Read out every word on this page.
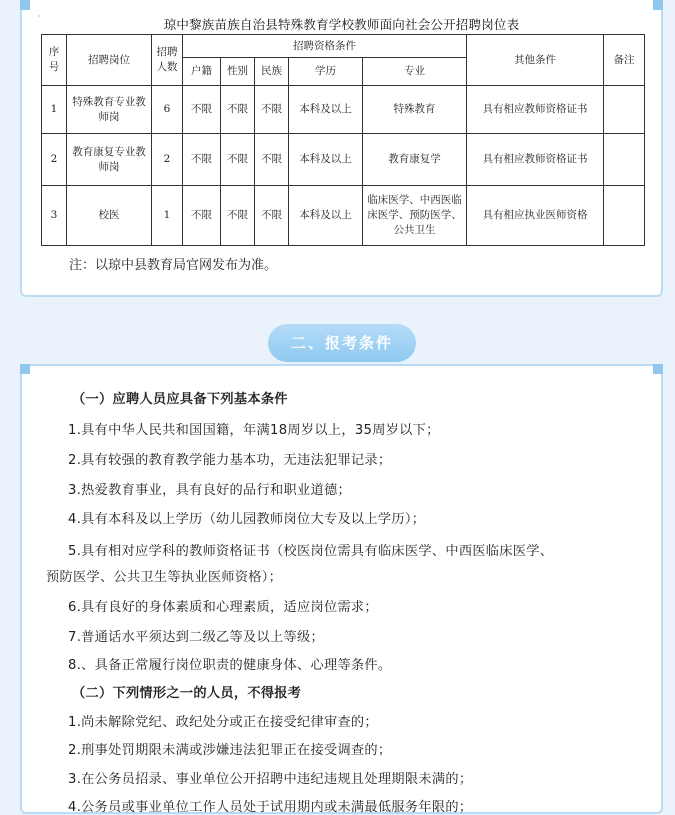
·
琼中黎族苗族自治县特殊教育学校教师面向社会公开招聘岗位表
序号	招聘岗位	招聘人数	招聘资格条件					其他条件	备注
			户籍	性别	民族	学历	专业		
1	特殊教育专业教师岗	6	不限	不限	不限	本科及以上	特殊教育	具有相应教师资格证书	
2	教育康复专业教师岗	2	不限	不限	不限	本科及以上	教育康复学	具有相应教师资格证书	
3	校医	1	不限	不限	不限	本科及以上	临床医学、中西医临床医学、预防医学、公共卫生	具有相应执业医师资格	
注：以琼中县教育局官网发布为准。
二、报考条件
（一）应聘人员应具备下列基本条件
1.具有中华人民共和国国籍，年满18周岁以上，35周岁以下；
2.具有较强的教育教学能力基本功，无违法犯罪记录；
3.热爱教育事业，具有良好的品行和职业道德；
4.具有本科及以上学历（幼儿园教师岗位大专及以上学历）；
5.具有相对应学科的教师资格证书（校医岗位需具有临床医学、中西医临床医学、
预防医学、公共卫生等执业医师资格）；
6.具有良好的身体素质和心理素质，适应岗位需求；
7.普通话水平须达到二级乙等及以上等级；
8.、具备正常履行岗位职责的健康身体、心理等条件。
（二）下列情形之一的人员，不得报考
1.尚未解除党纪、政纪处分或正在接受纪律审查的；
2.刑事处罚期限未满或涉嫌违法犯罪正在接受调查的；
3.在公务员招录、事业单位公开招聘中违纪违规且处理期限未满的；
4.公务员或事业单位工作人员处于试用期内或未满最低服务年限的；
